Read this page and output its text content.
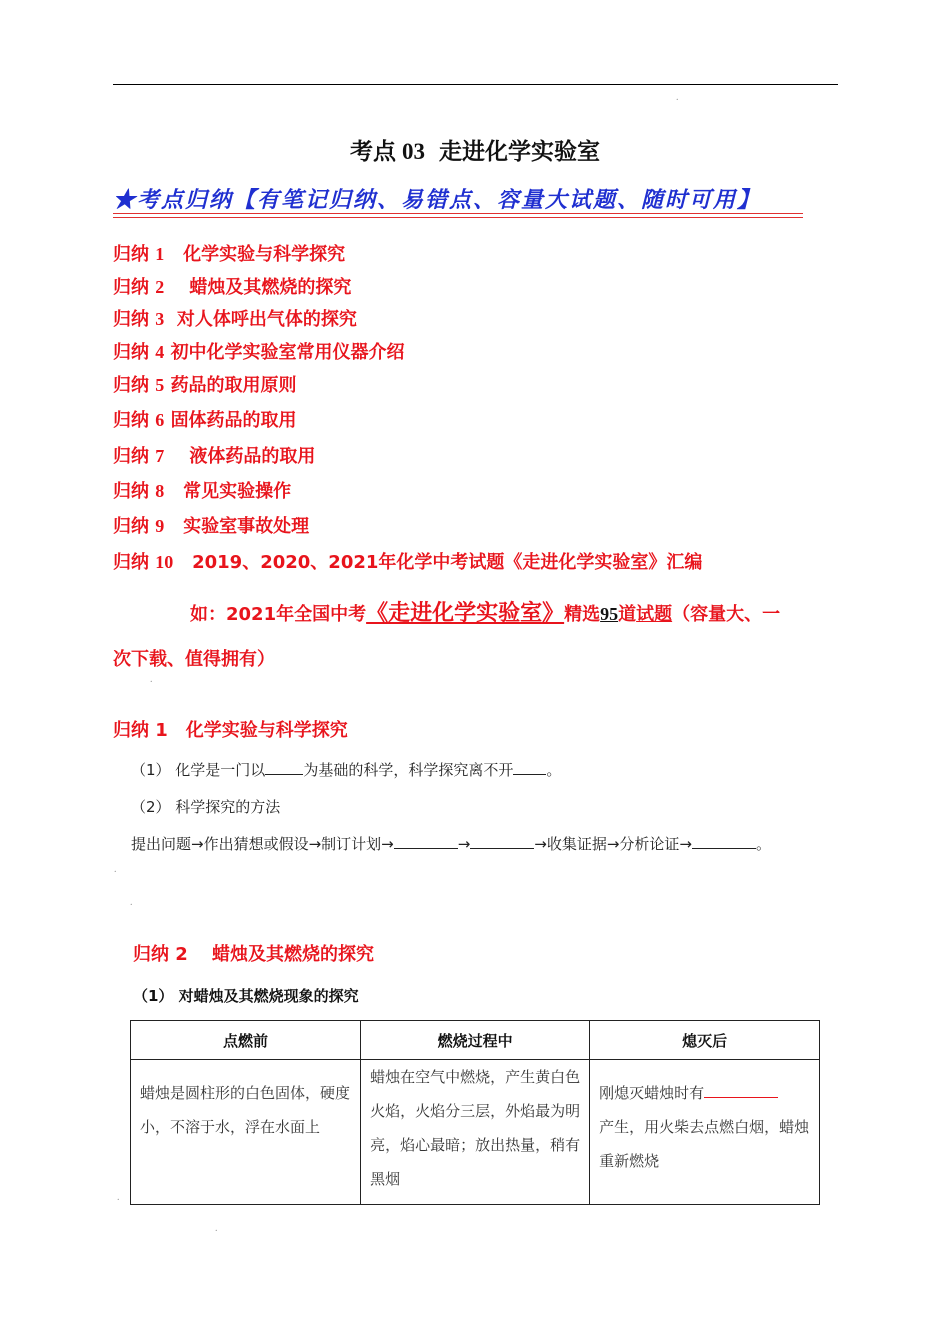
.
考点 03 走进化学实验室
★考点归纳【有笔记归纳、易错点、容量大试题、随时可用】
归纳 1 化学实验与科学探究
归纳 2 蜡烛及其燃烧的探究
归纳 3 对人体呼出气体的探究
归纳 4 初中化学实验室常用仪器介绍
归纳 5 药品的取用原则
归纳 6 固体药品的取用
归纳 7 液体药品的取用
归纳 8 常见实验操作
归纳 9 实验室事故处理
归纳 10 2019、2020、2021年化学中考试题《走进化学实验室》汇编
如：2021年全国中考《走进化学实验室》精选95道试题（容量大、一
次下载、值得拥有）
.
归纳 1　化学实验与科学探究
（1） 化学是一门以	为基础的科学，科学探究离不开 。
（2） 科学探究的方法
提出问题→作出猜想或假设→制订计划→	→	→收集证据→分析论证→	。
.
.
归纳 2　 蜡烛及其燃烧的探究
（1） 对蜡烛及其燃烧现象的探究
点燃前	燃烧过程中	熄灭后
蜡烛是圆柱形的白色固体，硬度小，不溶于水，浮在水面上	蜡烛在空气中燃烧，产生黄白色火焰，火焰分三层，外焰最为明亮，焰心最暗；放出热量，稍有黑烟	刚熄灭蜡烛时有
产生，用火柴去点燃白烟，蜡烛重新燃烧
.
.
